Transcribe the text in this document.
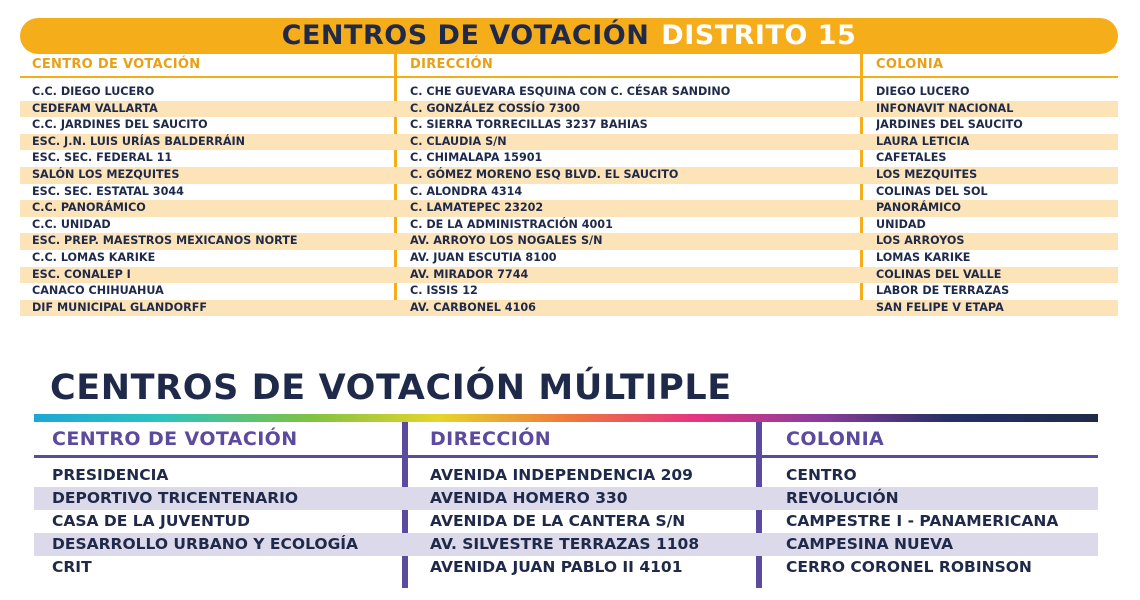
CENTROS DE VOTACIÓN DISTRITO 15
CENTRO DE VOTACIÓN	DIRECCIÓN	COLONIA
C.C. DIEGO LUCERO	C. CHE GUEVARA ESQUINA CON C. CÉSAR SANDINO	DIEGO LUCERO
CEDEFAM VALLARTA	C. GONZÁLEZ COSSÍO 7300	INFONAVIT NACIONAL
C.C. JARDINES DEL SAUCITO	C. SIERRA TORRECILLAS 3237 BAHIAS	JARDINES DEL SAUCITO
ESC. J.N. LUIS URÍAS BALDERRÁIN	C. CLAUDIA S/N	LAURA LETICIA
ESC. SEC. FEDERAL 11	C. CHIMALAPA 15901	CAFETALES
SALÓN LOS MEZQUITES	C. GÓMEZ MORENO ESQ BLVD. EL SAUCITO	LOS MEZQUITES
ESC. SEC. ESTATAL 3044	C. ALONDRA 4314	COLINAS DEL SOL
C.C. PANORÁMICO	C. LAMATEPEC 23202	PANORÁMICO
C.C. UNIDAD	C. DE LA ADMINISTRACIÓN 4001	UNIDAD
ESC. PREP. MAESTROS MEXICANOS NORTE	AV. ARROYO LOS NOGALES S/N	LOS ARROYOS
C.C. LOMAS KARIKE	AV. JUAN ESCUTIA 8100	LOMAS KARIKE
ESC. CONALEP I	AV. MIRADOR 7744	COLINAS DEL VALLE
CANACO CHIHUAHUA	C. ISSIS 12	LABOR DE TERRAZAS
DIF MUNICIPAL GLANDORFF	AV. CARBONEL 4106	SAN FELIPE V ETAPA
CENTROS DE VOTACIÓN MÚLTIPLE
CENTRO DE VOTACIÓN	DIRECCIÓN	COLONIA
PRESIDENCIA	AVENIDA INDEPENDENCIA 209	CENTRO
DEPORTIVO TRICENTENARIO	AVENIDA HOMERO 330	REVOLUCIÓN
CASA DE LA JUVENTUD	AVENIDA DE LA CANTERA S/N	CAMPESTRE I - PANAMERICANA
DESARROLLO URBANO Y ECOLOGÍA	AV. SILVESTRE TERRAZAS 1108	CAMPESINA NUEVA
CRIT	AVENIDA JUAN PABLO II 4101	CERRO CORONEL ROBINSON
